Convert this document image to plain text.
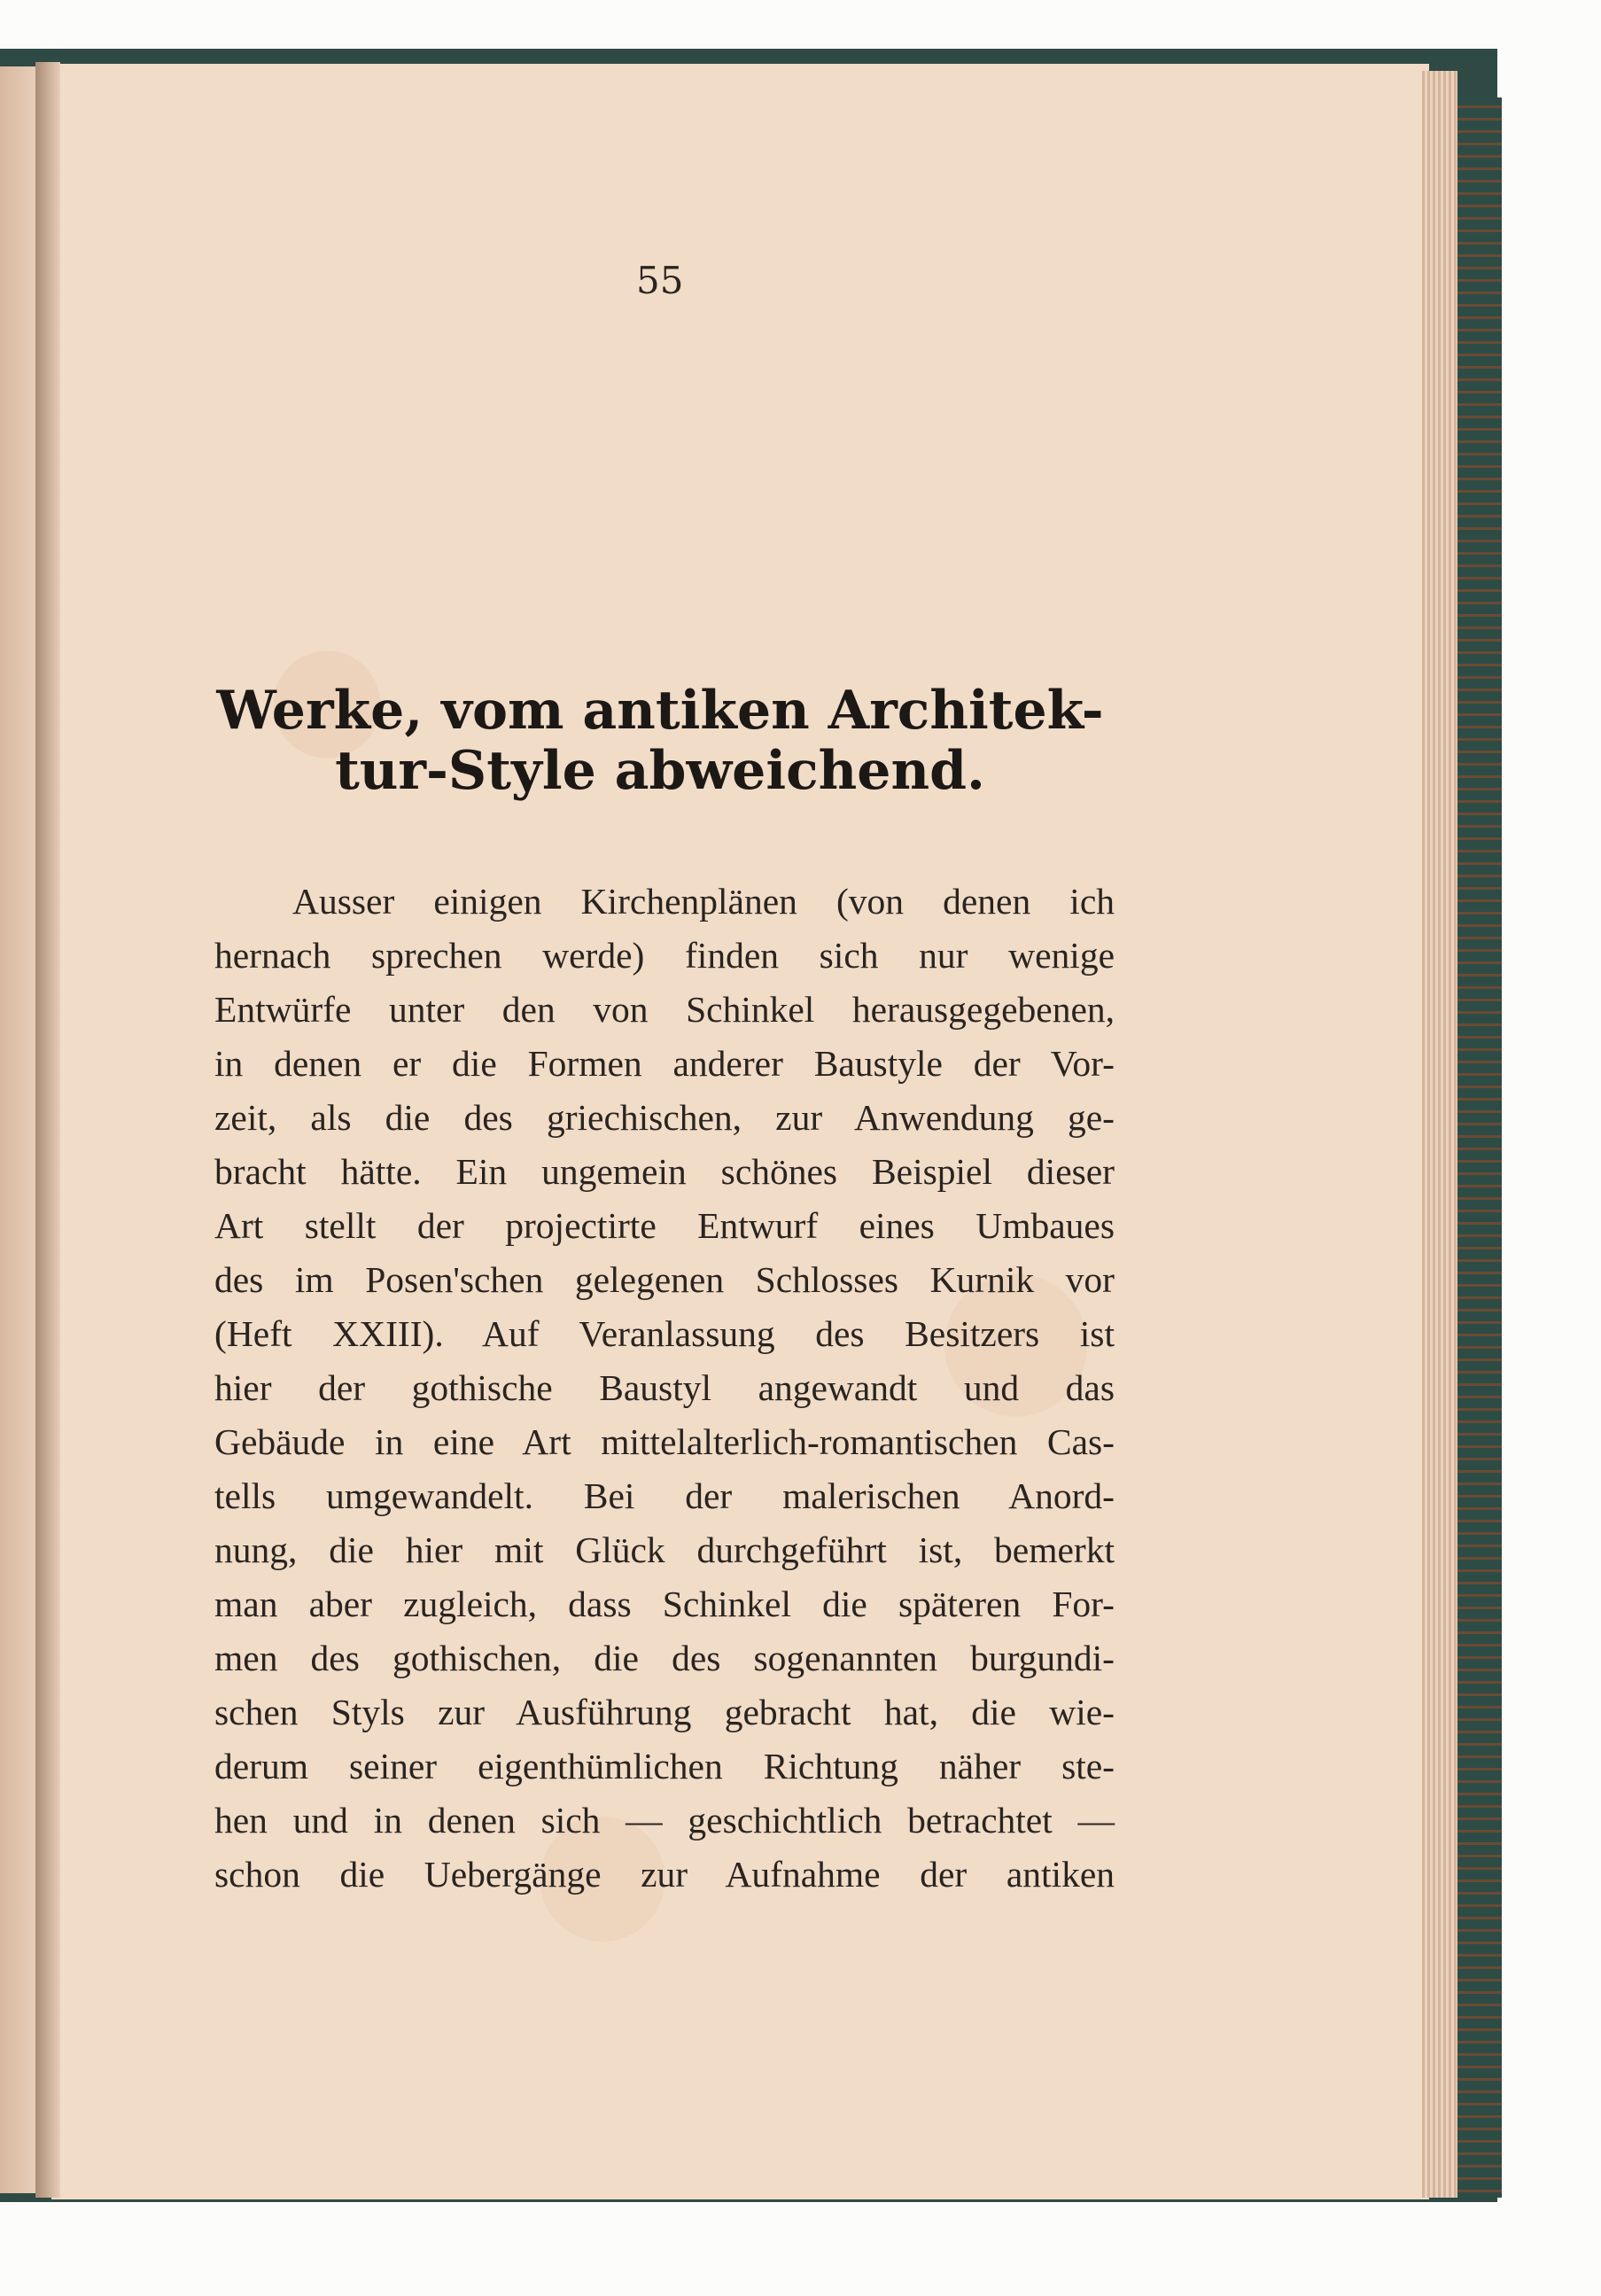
55
Werke, vom antiken Architek-
tur-Style abweichend.
Ausser einigen Kirchenplänen (von denen ich
hernach sprechen werde) finden sich nur wenige
Entwürfe unter den von Schinkel herausgegebenen,
in denen er die Formen anderer Baustyle der Vor-
zeit, als die des griechischen, zur Anwendung ge-
bracht hätte. Ein ungemein schönes Beispiel dieser
Art stellt der projectirte Entwurf eines Umbaues
des im Posen'schen gelegenen Schlosses Kurnik vor
(Heft XXIII). Auf Veranlassung des Besitzers ist
hier der gothische Baustyl angewandt und das
Gebäude in eine Art mittelalterlich-romantischen Cas-
tells umgewandelt. Bei der malerischen Anord-
nung, die hier mit Glück durchgeführt ist, bemerkt
man aber zugleich, dass Schinkel die späteren For-
men des gothischen, die des sogenannten burgundi-
schen Styls zur Ausführung gebracht hat, die wie-
derum seiner eigenthümlichen Richtung näher ste-
hen und in denen sich — geschichtlich betrachtet —
schon die Uebergänge zur Aufnahme der antiken
